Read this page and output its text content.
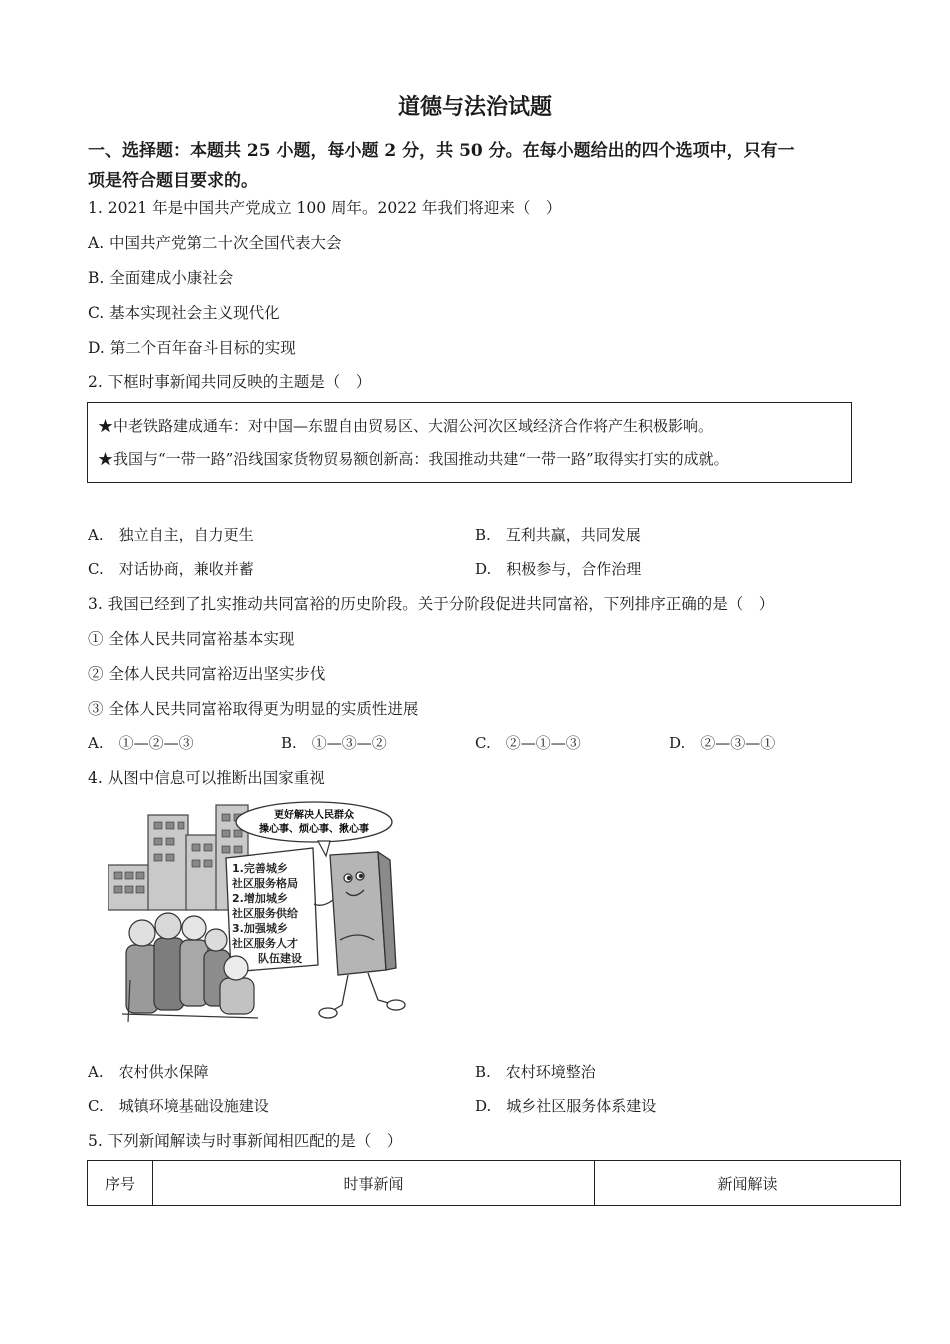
道德与法治试题
一、选择题：本题共 25 小题，每小题 2 分，共 50 分。在每小题给出的四个选项中，只有一
项是符合题目要求的。
1. 2021 年是中国共产党成立 100 周年。2022 年我们将迎来（　）
A. 中国共产党第二十次全国代表大会
B. 全面建成小康社会
C. 基本实现社会主义现代化
D. 第二个百年奋斗目标的实现
2. 下框时事新闻共同反映的主题是（　）
★中老铁路建成通车：对中国—东盟自由贸易区、大湄公河次区域经济合作将产生积极影响。
★我国与“一带一路”沿线国家货物贸易额创新高：我国推动共建“一带一路”取得实打实的成就。
A.　独立自主，自力更生	B.　互利共赢，共同发展
C.　对话协商，兼收并蓄	D.　积极参与，合作治理
3. 我国已经到了扎实推动共同富裕的历史阶段。关于分阶段促进共同富裕，下列排序正确的是（　）
① 全体人民共同富裕基本实现
② 全体人民共同富裕迈出坚实步伐
③ 全体人民共同富裕取得更为明显的实质性进展
A.　①—②—③	B.　①—③—②	C.　②—①—③	D.　②—③—①
4. 从图中信息可以推断出国家重视
更好解决人民群众
操心事、烦心事、揪心事
1.完善城乡
社区服务格局
2.增加城乡
社区服务供给
3.加强城乡
社区服务人才
队伍建设
A.　农村供水保障	B.　农村环境整治
C.　城镇环境基础设施建设	D.　城乡社区服务体系建设
5. 下列新闻解读与时事新闻相匹配的是（　）
序号	时事新闻	新闻解读
